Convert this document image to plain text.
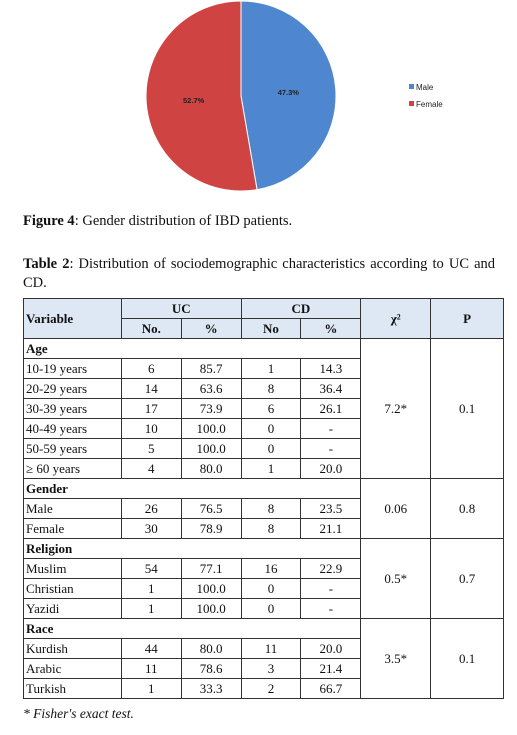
47.3%
52.7%
Male
Female
Figure 4: Gender distribution of IBD patients.
Table 2: Distribution of sociodemographic characteristics according to UC and CD.
Variable	UC		CD		χ²	P
	No.	%	No	%		
Age					7.2*	0.1
10-19 years	6	85.7	1	14.3		
20-29 years	14	63.6	8	36.4		
30-39 years	17	73.9	6	26.1		
40-49 years	10	100.0	0	-		
50-59 years	5	100.0	0	-		
≥ 60 years	4	80.0	1	20.0		
Gender					0.06	0.8
Male	26	76.5	8	23.5		
Female	30	78.9	8	21.1		
Religion					0.5*	0.7
Muslim	54	77.1	16	22.9		
Christian	1	100.0	0	-		
Yazidi	1	100.0	0	-		
Race					3.5*	0.1
Kurdish	44	80.0	11	20.0		
Arabic	11	78.6	3	21.4		
Turkish	1	33.3	2	66.7		
* Fisher's exact test.
